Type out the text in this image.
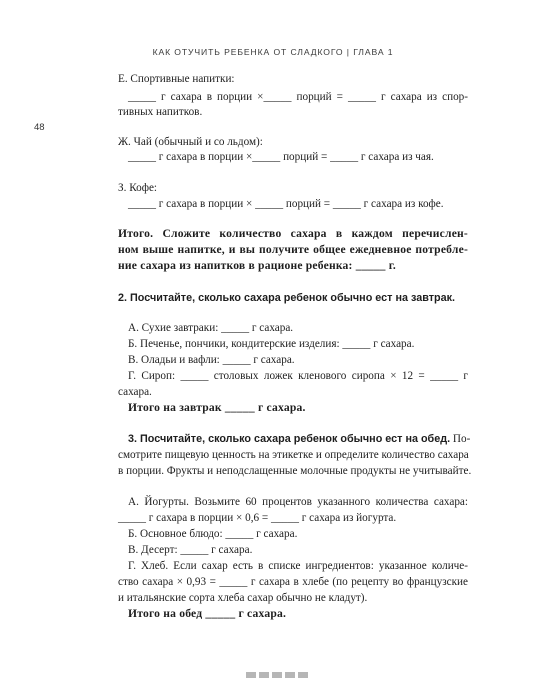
КАК ОТУЧИТЬ РЕБЕНКА ОТ СЛАДКОГО | ГЛАВА 1
48
Е. Спортивные напитки:
_____ г сахара в порции ×_____ порций = _____ г сахара из спор-
тивных напитков.
Ж. Чай (обычный и со льдом):
_____ г сахара в порции ×_____ порций = _____ г сахара из чая.
З. Кофе:
_____ г сахара в порции × _____ порций = _____ г сахара из кофе.
Итого. Сложите количество сахара в каждом перечислен-
ном выше напитке, и вы получите общее ежедневное потребле-
ние сахара из напитков в рационе ребенка: _____ г.
2. Посчитайте, сколько сахара ребенок обычно ест на завтрак.
А. Сухие завтраки: _____ г сахара.
Б. Печенье, пончики, кондитерские изделия: _____ г сахара.
В. Оладьи и вафли: _____ г сахара.
Г. Сироп: _____ столовых ложек кленового сиропа × 12 = _____ г
сахара.
Итого на завтрак _____ г сахара.
3. Посчитайте, сколько сахара ребенок обычно ест на обед. По-
смотрите пищевую ценность на этикетке и определите количество сахара
в порции. Фрукты и неподслащенные молочные продукты не учитывайте.
А. Йогурты. Возьмите 60 процентов указанного количества сахара:
_____ г сахара в порции × 0,6 = _____ г сахара из йогурта.
Б. Основное блюдо: _____ г сахара.
В. Десерт: _____ г сахара.
Г. Хлеб. Если сахар есть в списке ингредиентов: указанное количе-
ство сахара × 0,93 = _____ г сахара в хлебе (по рецепту во французские
и итальянские сорта хлеба сахар обычно не кладут).
Итого на обед _____ г сахара.
